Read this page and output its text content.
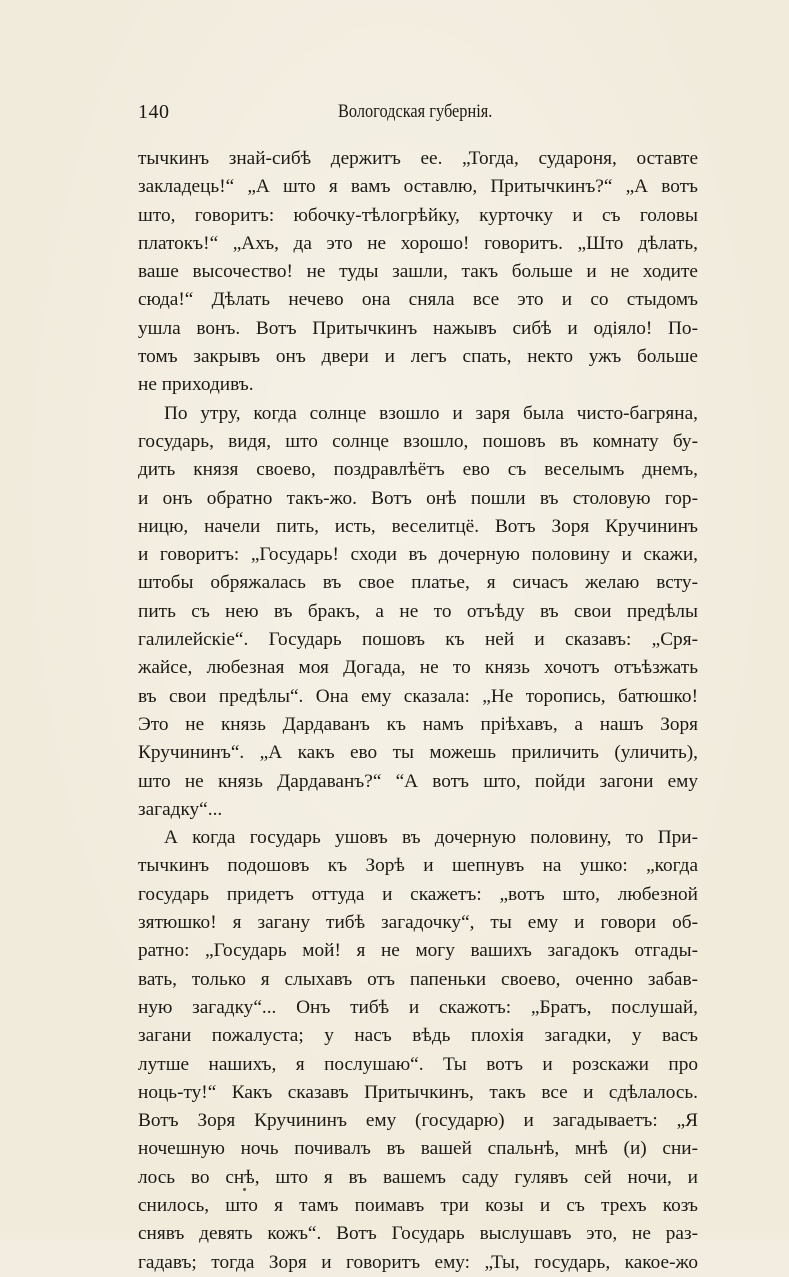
140	Вологодская губернія.
тычкинъ знай-сибѣ держитъ ее. „Тогда, судароня, оставте
закладець!“ „А што я вамъ оставлю, Притычкинъ?“ „А вотъ
што, говоритъ: юбочку-тѣлогрѣйку, курточку и съ головы
платокъ!“ „Ахъ, да это не хорошо! говоритъ. „Што дѣлать,
ваше высочество! не туды зашли, такъ больше и не ходите
сюда!“ Дѣлать нечево она сняла все это и со стыдомъ
ушла вонъ. Вотъ Притычкинъ нажывъ сибѣ и одіяло! По-
томъ закрывъ онъ двери и легъ спать, некто ужъ больше
не приходивъ.
По утру, когда солнце взошло и заря была чисто-багряна,
государь, видя, што солнце взошло, пошовъ въ комнату бу-
дить князя своево, поздравлѣётъ ево съ веселымъ днемъ,
и онъ обратно такъ-жо. Вотъ онѣ пошли въ столовую гор-
ницю, начели пить, исть, веселитцё. Вотъ Зоря Кручининъ
и говоритъ: „Государь! сходи въ дочерную половину и скажи,
штобы обряжалась въ свое платье, я сичасъ желаю всту-
пить съ нею въ бракъ, а не то отъѣду въ свои предѣлы
галилейскіе“. Государь пошовъ къ ней и сказавъ: „Сря-
жайсе, любезная моя Догада, не то князь хочотъ отъѣзжать
въ свои предѣлы“. Она ему сказала: „Не торопись, батюшко!
Это не князь Дардаванъ къ намъ пріѣхавъ, а нашъ Зоря
Кручининъ“. „А какъ ево ты можешь приличить (уличить),
што не князь Дардаванъ?“ “А вотъ што, пойди загони ему
загадку“...
А когда государь ушовъ въ дочерную половину, то При-
тычкинъ подошовъ къ Зорѣ и шепнувъ на ушко: „когда
государь придетъ оттуда и скажетъ: „вотъ што, любезной
зятюшко! я загану тибѣ загадочку“, ты ему и говори об-
ратно: „Государь мой! я не могу вашихъ загадокъ отгады-
вать, только я слыхавъ отъ папеньки своево, оченно забав-
ную загадку“... Онъ тибѣ и скажотъ: „Братъ, послушай,
загани пожалуста; у насъ вѣдь плохія загадки, у васъ
лутше нашихъ, я послушаю“. Ты вотъ и розскажи про
ноць-ту!“ Какъ сказавъ Притычкинъ, такъ все и сдѣлалось.
Вотъ Зоря Кручининъ ему (государю) и загадываетъ: „Я
ночешную ночь почивалъ въ вашей спальнѣ, мнѣ (и) сни-
лось во снѣ, што я въ вашемъ саду гулявъ сей ночи, и
снилось, што я тамъ поимавъ три козы и съ трехъ козъ
снявъ девять кожъ“. Вотъ Государь выслушавъ это, не раз-
гадавъ; тогда Зоря и говоритъ ему: „Ты, государь, какое-жо
